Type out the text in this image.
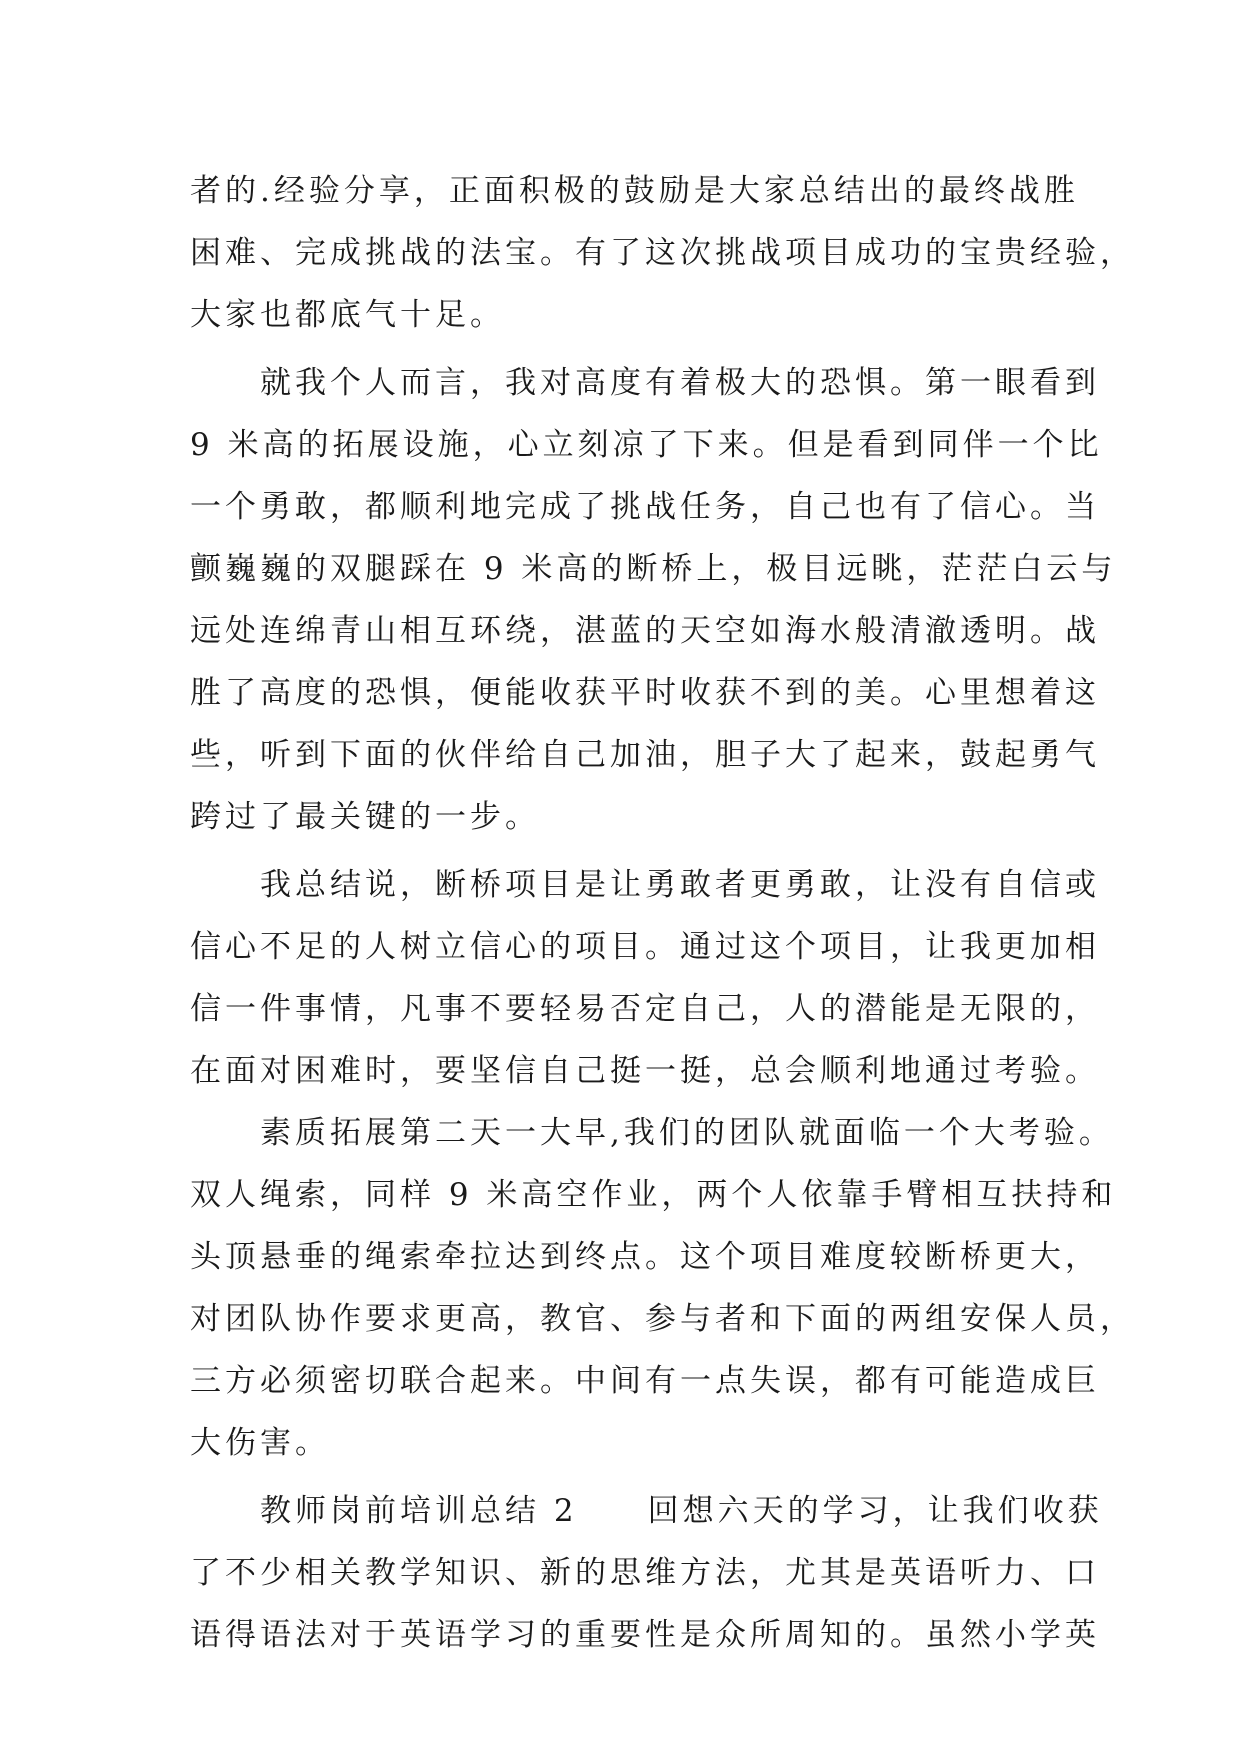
者的.经验分享，正面积极的鼓励是大家总结出的最终战胜
困难、完成挑战的法宝。有了这次挑战项目成功的宝贵经验，
大家也都底气十足。
就我个人而言，我对高度有着极大的恐惧。第一眼看到
9 米高的拓展设施，心立刻凉了下来。但是看到同伴一个比
一个勇敢，都顺利地完成了挑战任务，自己也有了信心。当
颤巍巍的双腿踩在 9 米高的断桥上，极目远眺，茫茫白云与
远处连绵青山相互环绕，湛蓝的天空如海水般清澈透明。战
胜了高度的恐惧，便能收获平时收获不到的美。心里想着这
些，听到下面的伙伴给自己加油，胆子大了起来，鼓起勇气
跨过了最关键的一步。
我总结说，断桥项目是让勇敢者更勇敢，让没有自信或
信心不足的人树立信心的项目。通过这个项目，让我更加相
信一件事情，凡事不要轻易否定自己，人的潜能是无限的，
在面对困难时，要坚信自己挺一挺，总会顺利地通过考验。
素质拓展第二天一大早,我们的团队就面临一个大考验。
双人绳索，同样 9 米高空作业，两个人依靠手臂相互扶持和
头顶悬垂的绳索牵拉达到终点。这个项目难度较断桥更大，
对团队协作要求更高，教官、参与者和下面的两组安保人员，
三方必须密切联合起来。中间有一点失误，都有可能造成巨
大伤害。
教师岗前培训总结 2　　回想六天的学习，让我们收获
了不少相关教学知识、新的思维方法，尤其是英语听力、口
语得语法对于英语学习的重要性是众所周知的。虽然小学英
